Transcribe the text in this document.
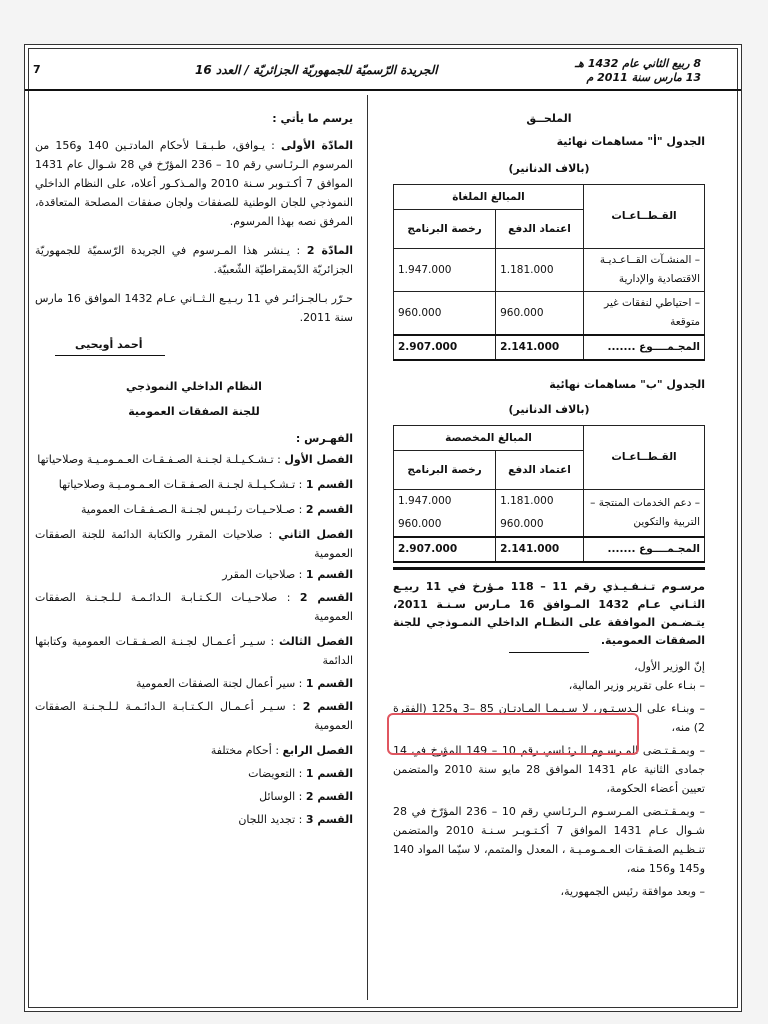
8 ربيع الثاني عام 1432 هـ
13 مارس سنة 2011 م
الجريدة الرّسميّة للجمهوريّة الجزائريّة / العدد 16
7
الملحــق
الجدول "أ" مساهمات نهائية
(بالاف الدنانير)
القـطــاعـات	المبالغ الملغاة	
	اعتماد الدفع	رخصة البرنامج
– المنشـآت القــاعـديـة الاقتصادية والإدارية	1.181.000	1.947.000
– احتياطي لنفقات غير متوقعة	960.000	960.000
المجـمــــوع .......	2.141.000	2.907.000
الجدول "ب" مساهمات نهائية
(بالاف الدنانير)
القـطــاعـات	المبالغ المخصصة	
	اعتماد الدفع	رخصة البرنامج
– دعم الخدمات المنتجة – التربية والتكوين	1.181.000	1.947.000
	960.000	960.000
المجـمــــوع .......	2.141.000	2.907.000

مرسـوم تـنـفـيـذي رقم 11 – 118 مـؤرخ في 11 ربيـع الثـاني عـام 1432 المـوافق 16 مـارس سـنـة 2011، يتـضـمن الموافقة على النظـام الداخلي النمـوذجي للجنة الصفقات العمومية.

إنّ الوزير الأول،

– بنـاء على تقرير وزير المالية،

– وبنـاء على الـدسـتـور، لا سـيـمـا المـادتـان 85 –3 و125 (الفقرة 2) منه،

– وبمـقـتـضى المـرسـوم الـرئـاسي رقم 10 – 149 المؤرخ في 14 جمادى الثانية عام 1431 الموافق 28 مايو سنة 2010 والمتضمن تعيين أعضاء الحكومة،

– وبمـقـتـضى المـرسـوم الـرئـاسي رقم 10 – 236 المؤرّخ في 28 شـوال عـام 1431 الموافق 7 أكـتـوبـر سـنـة 2010 والمتضمن تنـظـيم الصفـقات العـمـومـيـة ، المعدل والمتمم، لا سيّما المواد 140 و145 و156 منه،

– وبعد موافقة رئيس الجمهورية،

يرسم ما يأتي :

المادّة الأولى : يـوافق، طـبـقـا لأحكام المادتـين 140 و156 من المرسوم الـرئـاسي رقم 10 – 236 المؤرّخ في 28 شـوال عام 1431 الموافق 7 أكـتـوبر سـنة 2010 والمـذكـور أعلاه، على النظام الداخلي النموذجي للجان الوطنية للصفقات ولجان صفقات المصلحة المتعاقدة، المرفق نصه بهذا المرسوم.

المادّة 2 : يـنشر هذا المـرسوم في الجريدة الرّسميّة للجمهوريّة الجزائريّة الدّيمقراطيّة الشّعبيّة.

حـرّر بـالجـزائـر في 11 ربـيـع الـثــاني عـام 1432 الموافق 16 مارس سنة 2011.

أحمد أويحيى
النظام الداخلي النموذجي
للجنة الصفقات العمومية
الفهـرس :

الفصل الأول : تـشـكـيـلـة لجـنـة الصـفـقـات العـمـومـيـة وصلاحياتها

القسم 1 : تـشـكـيـلـة لجـنـة الصـفـقـات العـمـومـيـة وصلاحياتها

القسم 2 : صـلاحـيـات رئـيـس لجـنـة الـصـفـقـات العمومية

الفصل الثاني : صلاحيات المقرر والكتابة الدائمة للجنة الصفقات العمومية

القسم 1 : صلاحيات المقرر

القسم 2 : صلاحـيـات الـكـتـابـة الـدائـمـة لـلـجـنـة الصفقات العمومية

الفصل الثالث : سـيـر أعـمـال لجـنـة الصـفـقـات العمومية وكتابتها الدائمة

القسم 1 : سير أعمال لجنة الصفقات العمومية

القسم 2 : سـيـر أعـمـال الـكـتـابـة الـدائـمـة لـلـجـنـة الصفقات العمومية

الفصل الرابع : أحكام مختلفة

القسم 1 : التعويضات

القسم 2 : الوسائل

القسم 3 : تجديد اللجان
